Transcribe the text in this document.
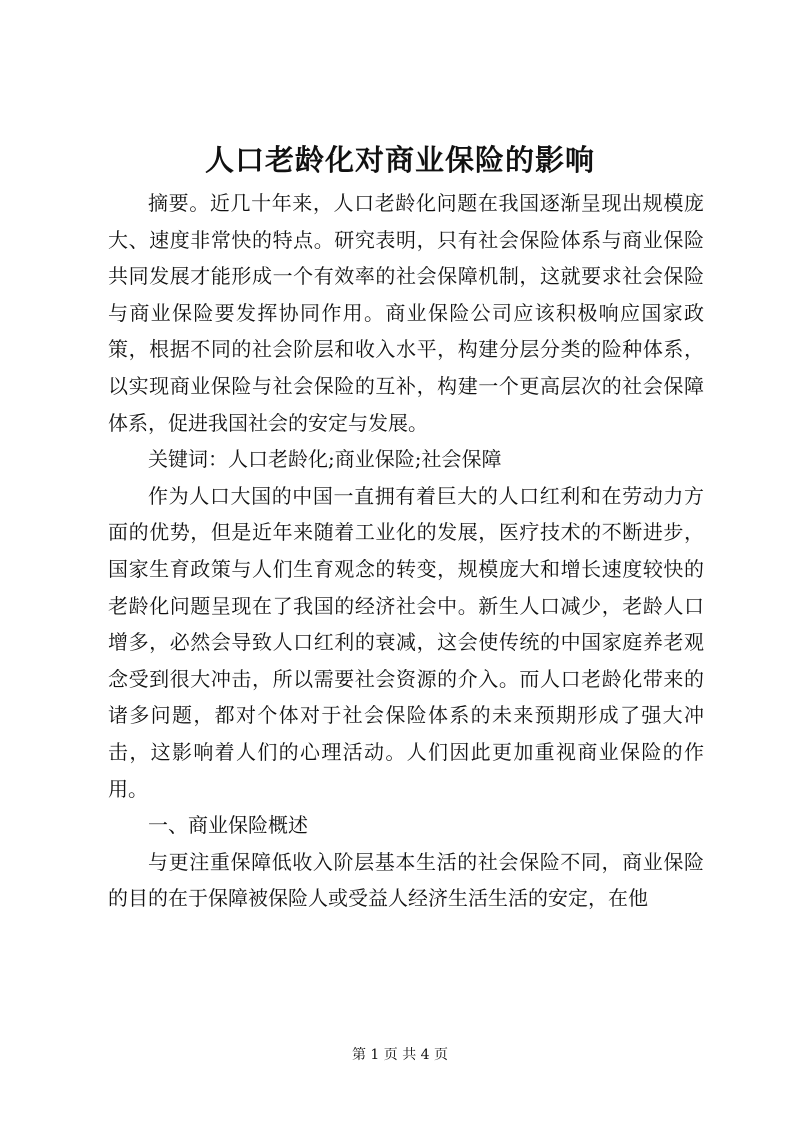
人口老龄化对商业保险的影响

摘要。近几十年来，人口老龄化问题在我国逐渐呈现出规模庞大、速度非常快的特点。研究表明，只有社会保险体系与商业保险共同发展才能形成一个有效率的社会保障机制，这就要求社会保险与商业保险要发挥协同作用。商业保险公司应该积极响应国家政策，根据不同的社会阶层和收入水平，构建分层分类的险种体系，以实现商业保险与社会保险的互补，构建一个更高层次的社会保障体系，促进我国社会的安定与发展。

关键词：人口老龄化;商业保险;社会保障

作为人口大国的中国一直拥有着巨大的人口红利和在劳动力方面的优势，但是近年来随着工业化的发展，医疗技术的不断进步，国家生育政策与人们生育观念的转变，规模庞大和增长速度较快的老龄化问题呈现在了我国的经济社会中。新生人口减少，老龄人口增多，必然会导致人口红利的衰减，这会使传统的中国家庭养老观念受到很大冲击，所以需要社会资源的介入。而人口老龄化带来的诸多问题，都对个体对于社会保险体系的未来预期形成了强大冲击，这影响着人们的心理活动。人们因此更加重视商业保险的作用。

一、商业保险概述

与更注重保障低收入阶层基本生活的社会保险不同，商业保险的目的在于保障被保险人或受益人经济生活生活的安定，在他

第 1 页 共 4 页
